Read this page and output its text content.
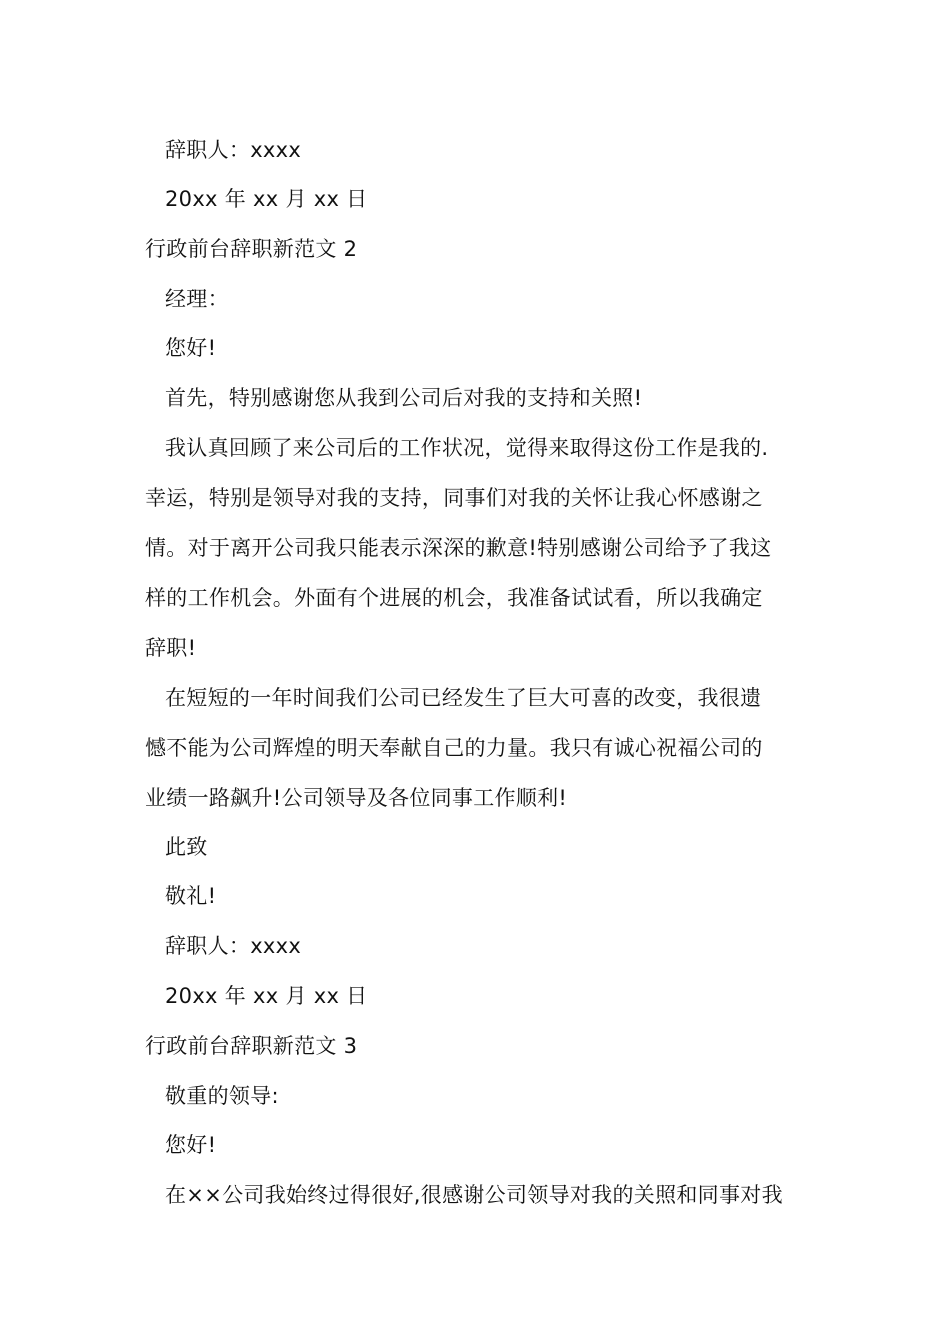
辞职人：xxxx
20xx 年 xx 月 xx 日
行政前台辞职新范文 2
经理：
您好!
首先，特别感谢您从我到公司后对我的支持和关照!
我认真回顾了来公司后的工作状况，觉得来取得这份工作是我的.
幸运，特别是领导对我的支持，同事们对我的关怀让我心怀感谢之
情。对于离开公司我只能表示深深的歉意!特别感谢公司给予了我这
样的工作机会。外面有个进展的机会，我准备试试看，所以我确定
辞职!
在短短的一年时间我们公司已经发生了巨大可喜的改变，我很遗
憾不能为公司辉煌的明天奉献自己的力量。我只有诚心祝福公司的
业绩一路飙升!公司领导及各位同事工作顺利!
此致
敬礼!
辞职人：xxxx
20xx 年 xx 月 xx 日
行政前台辞职新范文 3
敬重的领导:
您好!
在××公司我始终过得很好,很感谢公司领导对我的关照和同事对我
